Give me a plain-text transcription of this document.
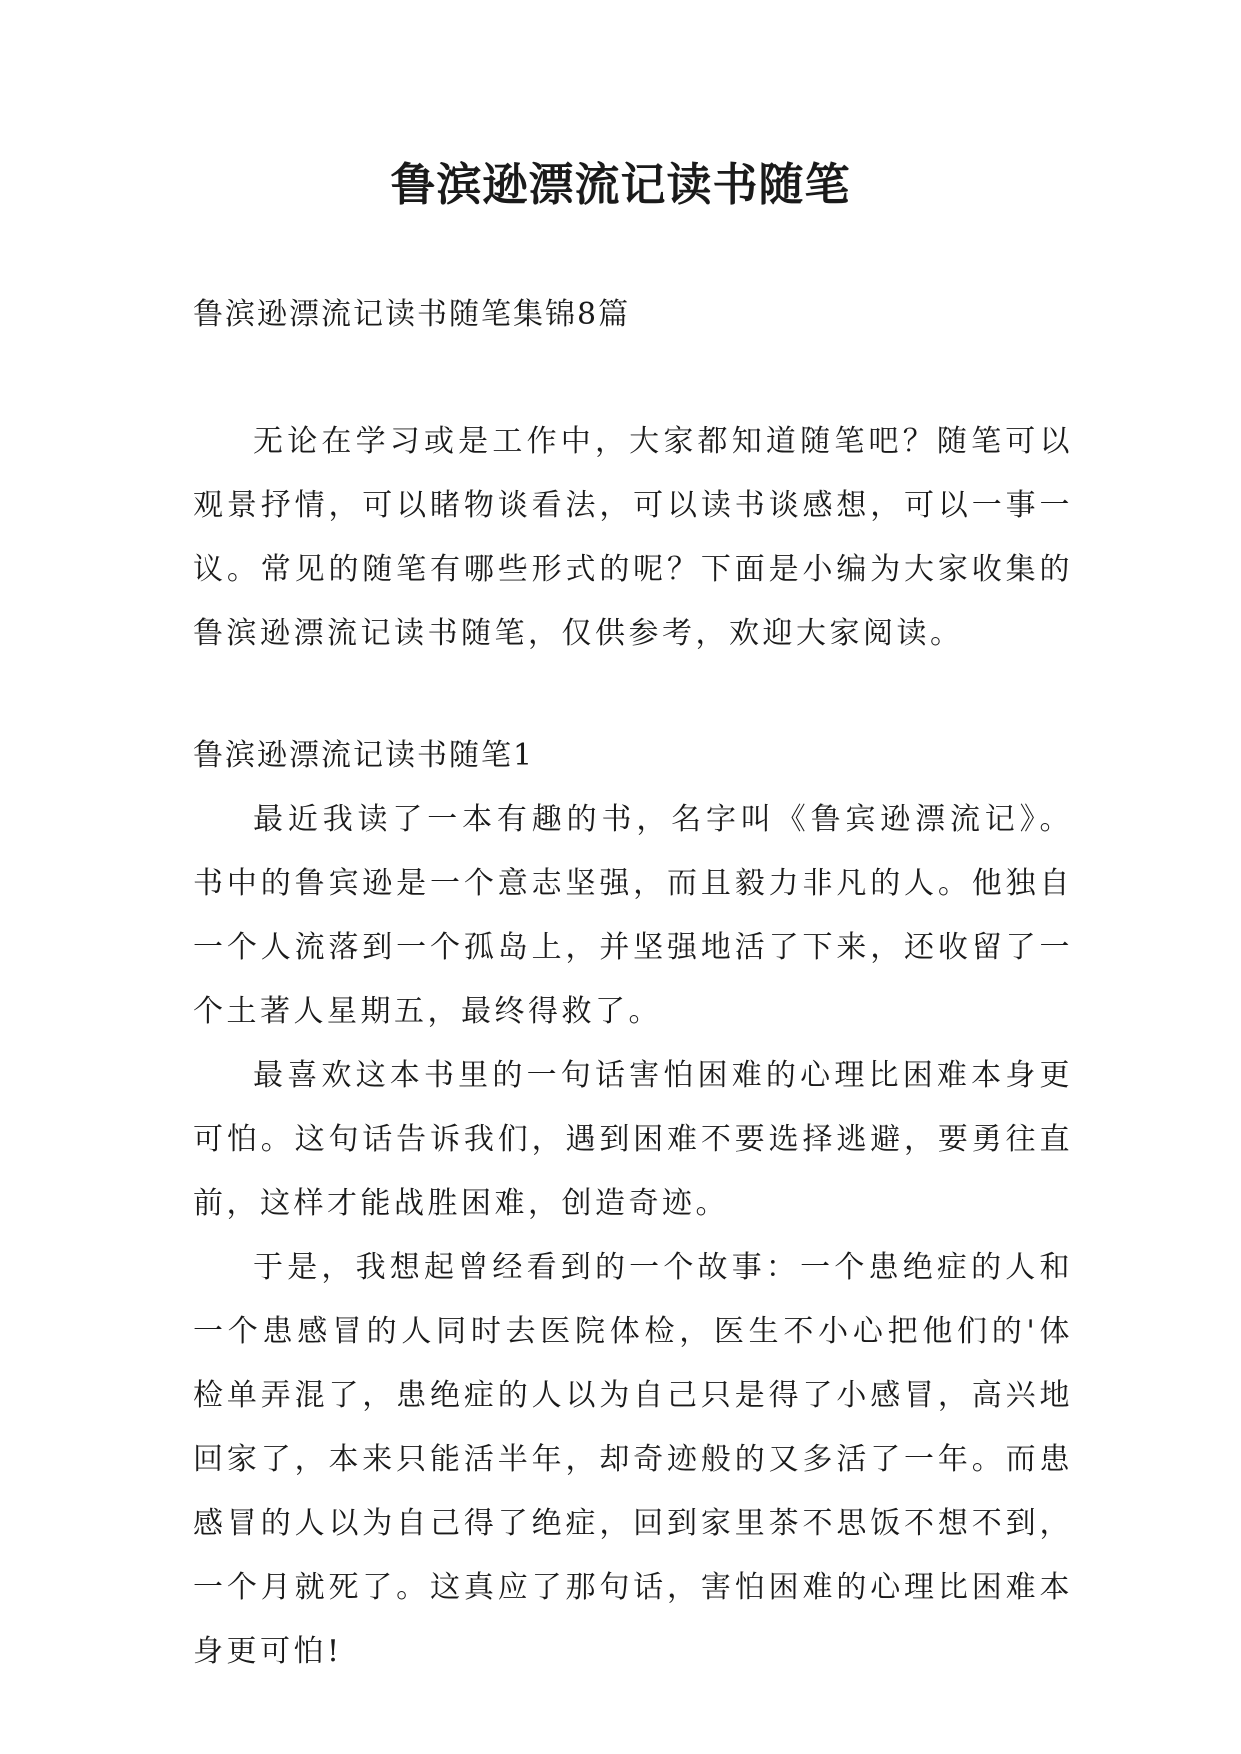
鲁滨逊漂流记读书随笔

鲁滨逊漂流记读书随笔集锦8篇

无论在学习或是工作中，大家都知道随笔吧？随笔可以观景抒情，可以睹物谈看法，可以读书谈感想，可以一事一议。常见的随笔有哪些形式的呢？下面是小编为大家收集的鲁滨逊漂流记读书随笔，仅供参考，欢迎大家阅读。

鲁滨逊漂流记读书随笔1

最近我读了一本有趣的书，名字叫《鲁宾逊漂流记》。书中的鲁宾逊是一个意志坚强，而且毅力非凡的人。他独自一个人流落到一个孤岛上，并坚强地活了下来，还收留了一个土著人星期五，最终得救了。

最喜欢这本书里的一句话害怕困难的心理比困难本身更可怕。这句话告诉我们，遇到困难不要选择逃避，要勇往直前，这样才能战胜困难，创造奇迹。

于是，我想起曾经看到的一个故事：一个患绝症的人和一个患感冒的人同时去医院体检，医生不小心把他们的'体检单弄混了，患绝症的人以为自己只是得了小感冒，高兴地回家了，本来只能活半年，却奇迹般的又多活了一年。而患感冒的人以为自己得了绝症，回到家里茶不思饭不想不到，一个月就死了。这真应了那句话，害怕困难的心理比困难本身更可怕!
